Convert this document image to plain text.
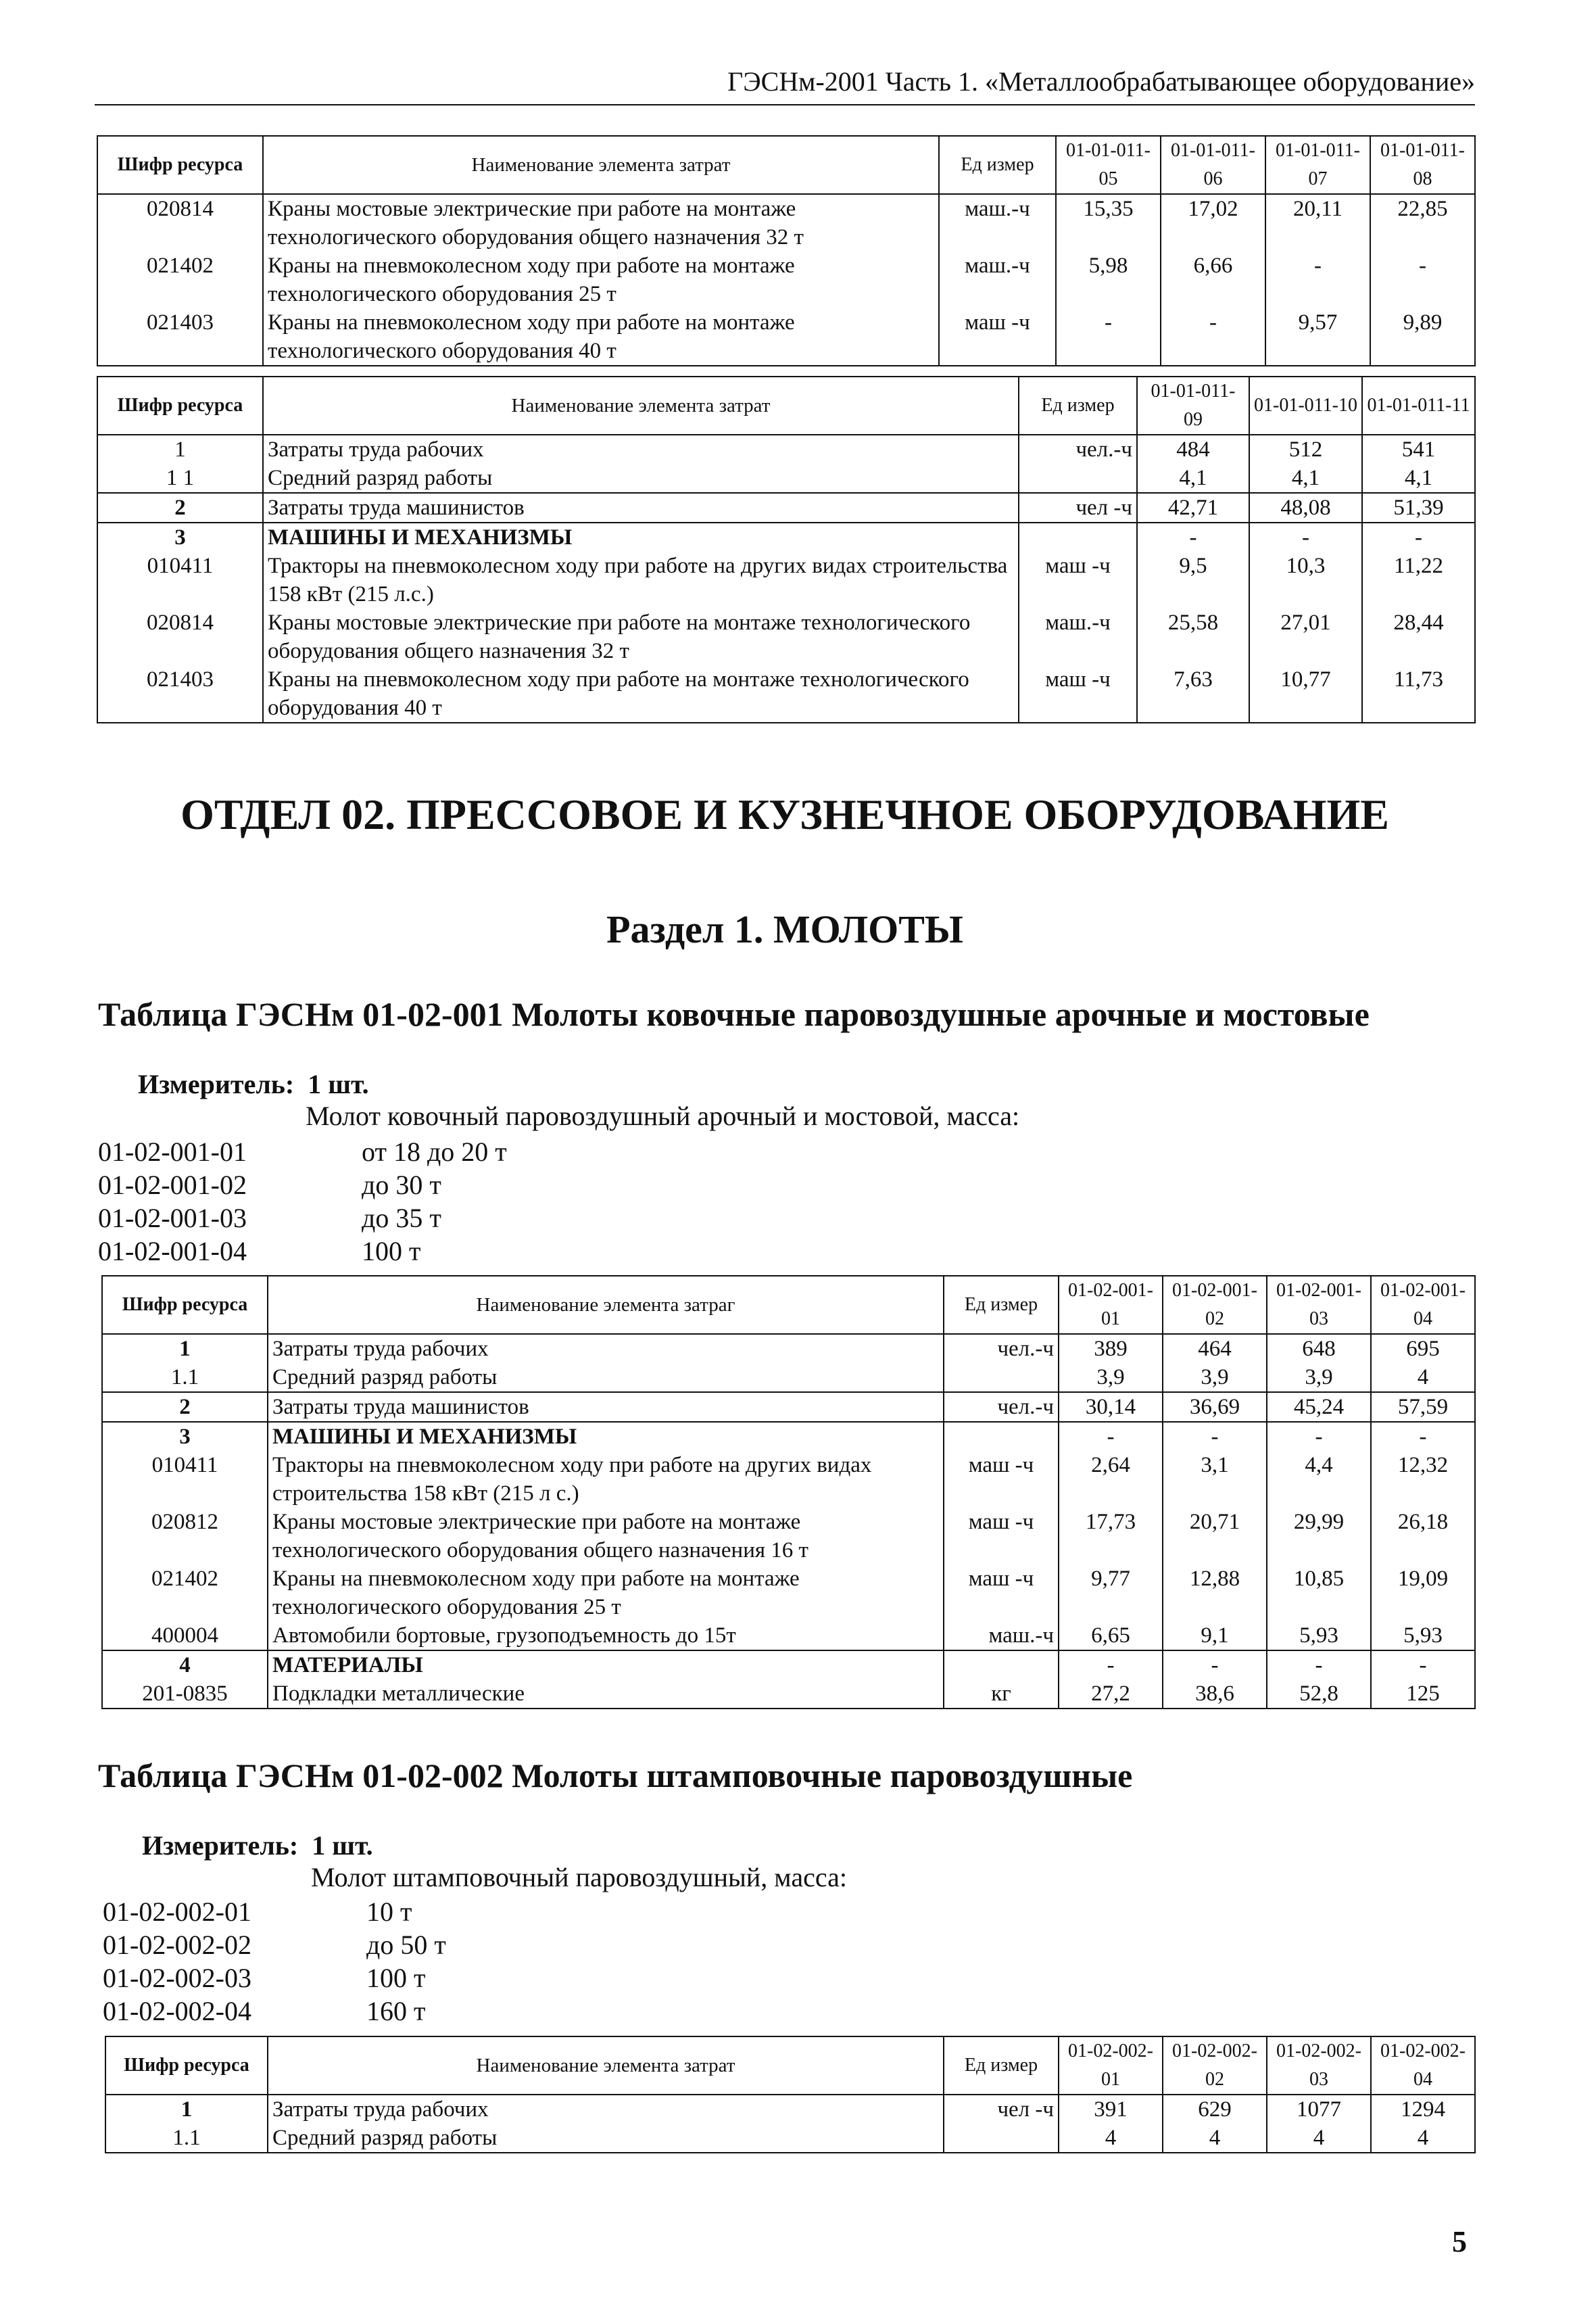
ГЭСНм-2001 Часть 1. «Металлообрабатывающее оборудование»
Шифр ресурса	Наименование элемента затрат	Ед измер	01-01-011-05	01-01-011-06	01-01-011-07	01-01-011-08
020814	Краны мостовые электрические при работе на монтаже технологического оборудования общего назначения 32 т	маш.-ч	15,35	17,02	20,11	22,85
021402	Краны на пневмоколесном ходу при работе на монтаже технологического оборудования 25 т	маш.-ч	5,98	6,66	-	-
021403	Краны на пневмоколесном ходу при работе на монтаже технологического оборудования 40 т	маш -ч	-	-	9,57	9,89
Шифр ресурса	Наименование элемента затрат	Ед измер	01-01-011-09	01-01-011-10	01-01-011-11
1	Затраты труда рабочих	чел.-ч	484	512	541
1 1	Средний разряд работы		4,1	4,1	4,1
2	Затраты труда машинистов	чел -ч	42,71	48,08	51,39
3	МАШИНЫ И МЕХАНИЗМЫ		-	-	-
010411	Тракторы на пневмоколесном ходу при работе на других видах строительства 158 кВт (215 л.с.)	маш -ч	9,5	10,3	11,22
020814	Краны мостовые электрические при работе на монтаже технологического оборудования общего назначения 32 т	маш.-ч	25,58	27,01	28,44
021403	Краны на пневмоколесном ходу при работе на монтаже технологического оборудования 40 т	маш -ч	7,63	10,77	11,73
ОТДЕЛ 02. ПРЕССОВОЕ И КУЗНЕЧНОЕ ОБОРУДОВАНИЕ
Раздел 1. МОЛОТЫ
Таблица ГЭСНм 01-02-001 Молоты ковочные паровоздушные арочные и мостовые
Измеритель: 1 шт.
Молот ковочный паровоздушный арочный и мостовой, масса:
01-02-001-01	от 18 до 20 т
01-02-001-02	до 30 т
01-02-001-03	до 35 т
01-02-001-04	100 т
Шифр ресурса	Наименование элемента затраг	Ед измер	01-02-001-01	01-02-001-02	01-02-001-03	01-02-001-04
1	Затраты труда рабочих	чел.-ч	389	464	648	695
1.1	Средний разряд работы		3,9	3,9	3,9	4
2	Затраты труда машинистов	чел.-ч	30,14	36,69	45,24	57,59
3	МАШИНЫ И МЕХАНИЗМЫ		-	-	-	-
010411	Тракторы на пневмоколесном ходу при работе на других видах строительства 158 кВт (215 л с.)	маш -ч	2,64	3,1	4,4	12,32
020812	Краны мостовые электрические при работе на монтаже технологического оборудования общего назначения 16 т	маш -ч	17,73	20,71	29,99	26,18
021402	Краны на пневмоколесном ходу при работе на монтаже технологического оборудования 25 т	маш -ч	9,77	12,88	10,85	19,09
400004	Автомобили бортовые, грузоподъемность до 15т	маш.-ч	6,65	9,1	5,93	5,93
4	МАТЕРИАЛЫ		-	-	-	-
201-0835	Подкладки металлические	кг	27,2	38,6	52,8	125
Таблица ГЭСНм 01-02-002 Молоты штамповочные паровоздушные
Измеритель: 1 шт.
Молот штамповочный паровоздушный, масса:
01-02-002-01	10 т
01-02-002-02	до 50 т
01-02-002-03	100 т
01-02-002-04	160 т
Шифр ресурса	Наименование элемента затрат	Ед измер	01-02-002-01	01-02-002-02	01-02-002-03	01-02-002-04
1	Затраты труда рабочих	чел -ч	391	629	1077	1294
1.1	Средний разряд работы		4	4	4	4
5
